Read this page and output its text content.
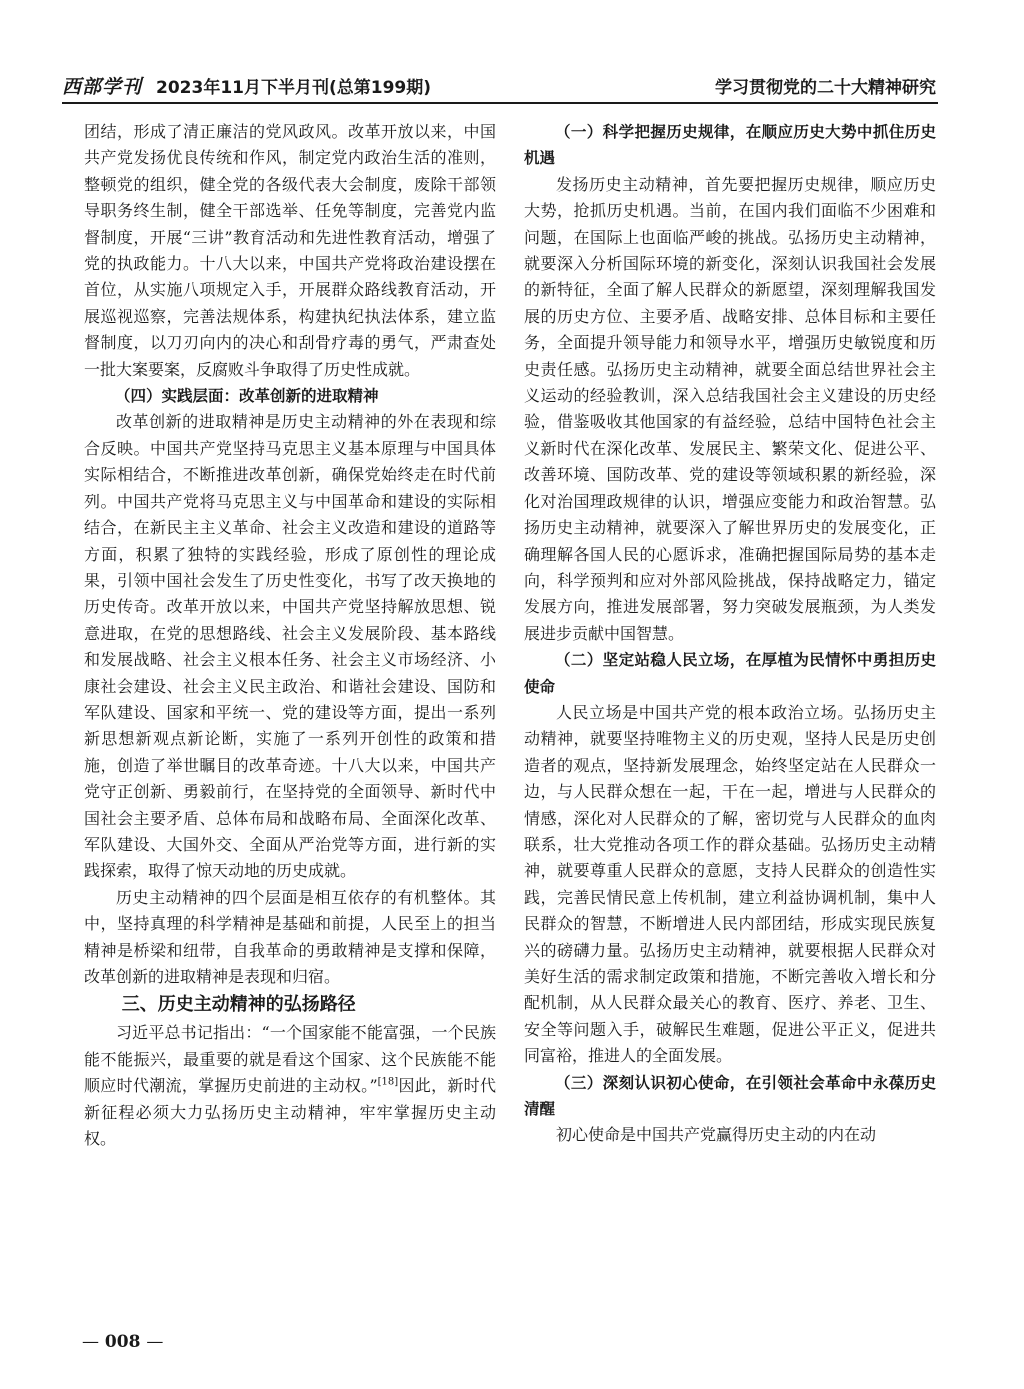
西部学刊 2023年11月下半月刊(总第199期)	学习贯彻党的二十大精神研究

团结，形成了清正廉洁的党风政风。改革开放以来，中国共产党发扬优良传统和作风，制定党内政治生活的准则，整顿党的组织，健全党的各级代表大会制度，废除干部领导职务终生制，健全干部选举、任免等制度，完善党内监督制度，开展“三讲”教育活动和先进性教育活动，增强了党的执政能力。十八大以来，中国共产党将政治建设摆在首位，从实施八项规定入手，开展群众路线教育活动，开展巡视巡察，完善法规体系，构建执纪执法体系，建立监督制度，以刀刃向内的决心和刮骨疗毒的勇气，严肃查处一批大案要案，反腐败斗争取得了历史性成就。

（四）实践层面：改革创新的进取精神

改革创新的进取精神是历史主动精神的外在表现和综合反映。中国共产党坚持马克思主义基本原理与中国具体实际相结合，不断推进改革创新，确保党始终走在时代前列。中国共产党将马克思主义与中国革命和建设的实际相结合，在新民主主义革命、社会主义改造和建设的道路等方面，积累了独特的实践经验，形成了原创性的理论成果，引领中国社会发生了历史性变化，书写了改天换地的历史传奇。改革开放以来，中国共产党坚持解放思想、锐意进取，在党的思想路线、社会主义发展阶段、基本路线和发展战略、社会主义根本任务、社会主义市场经济、小康社会建设、社会主义民主政治、和谐社会建设、国防和军队建设、国家和平统一、党的建设等方面，提出一系列新思想新观点新论断，实施了一系列开创性的政策和措施，创造了举世瞩目的改革奇迹。十八大以来，中国共产党守正创新、勇毅前行，在坚持党的全面领导、新时代中国社会主要矛盾、总体布局和战略布局、全面深化改革、军队建设、大国外交、全面从严治党等方面，进行新的实践探索，取得了惊天动地的历史成就。

历史主动精神的四个层面是相互依存的有机整体。其中，坚持真理的科学精神是基础和前提，人民至上的担当精神是桥梁和纽带，自我革命的勇敢精神是支撑和保障，改革创新的进取精神是表现和归宿。

三、历史主动精神的弘扬路径

习近平总书记指出：“一个国家能不能富强，一个民族能不能振兴，最重要的就是看这个国家、这个民族能不能顺应时代潮流，掌握历史前进的主动权。”[18]因此，新时代新征程必须大力弘扬历史主动精神，牢牢掌握历史主动权。

（一）科学把握历史规律，在顺应历史大势中抓住历史机遇

发扬历史主动精神，首先要把握历史规律，顺应历史大势，抢抓历史机遇。当前，在国内我们面临不少困难和问题，在国际上也面临严峻的挑战。弘扬历史主动精神，就要深入分析国际环境的新变化，深刻认识我国社会发展的新特征，全面了解人民群众的新愿望，深刻理解我国发展的历史方位、主要矛盾、战略安排、总体目标和主要任务，全面提升领导能力和领导水平，增强历史敏锐度和历史责任感。弘扬历史主动精神，就要全面总结世界社会主义运动的经验教训，深入总结我国社会主义建设的历史经验，借鉴吸收其他国家的有益经验，总结中国特色社会主义新时代在深化改革、发展民主、繁荣文化、促进公平、改善环境、国防改革、党的建设等领域积累的新经验，深化对治国理政规律的认识，增强应变能力和政治智慧。弘扬历史主动精神，就要深入了解世界历史的发展变化，正确理解各国人民的心愿诉求，准确把握国际局势的基本走向，科学预判和应对外部风险挑战，保持战略定力，锚定发展方向，推进发展部署，努力突破发展瓶颈，为人类发展进步贡献中国智慧。

（二）坚定站稳人民立场，在厚植为民情怀中勇担历史使命

人民立场是中国共产党的根本政治立场。弘扬历史主动精神，就要坚持唯物主义的历史观，坚持人民是历史创造者的观点，坚持新发展理念，始终坚定站在人民群众一边，与人民群众想在一起，干在一起，增进与人民群众的情感，深化对人民群众的了解，密切党与人民群众的血肉联系，壮大党推动各项工作的群众基础。弘扬历史主动精神，就要尊重人民群众的意愿，支持人民群众的创造性实践，完善民情民意上传机制，建立利益协调机制，集中人民群众的智慧，不断增进人民内部团结，形成实现民族复兴的磅礴力量。弘扬历史主动精神，就要根据人民群众对美好生活的需求制定政策和措施，不断完善收入增长和分配机制，从人民群众最关心的教育、医疗、养老、卫生、安全等问题入手，破解民生难题，促进公平正义，促进共同富裕，推进人的全面发展。

（三）深刻认识初心使命，在引领社会革命中永葆历史清醒

初心使命是中国共产党赢得历史主动的内在动

— 008 —
